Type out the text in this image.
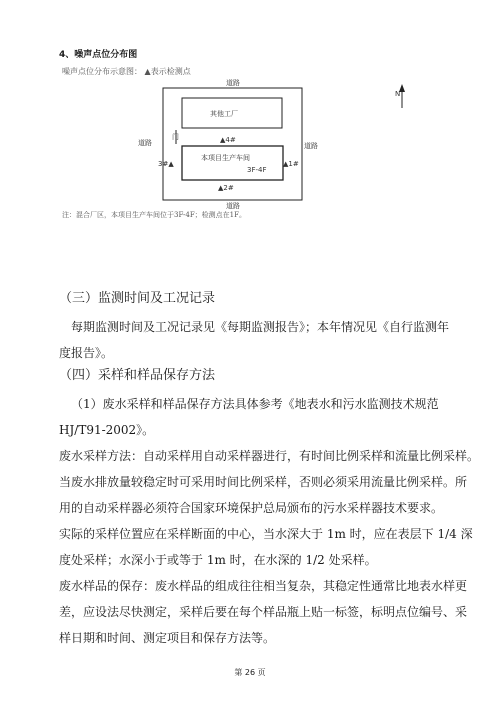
4、噪声点位分布图
噪声点位分布示意图： ▲表示检测点
道路
道路	道路
道路
其他工厂
本项目生产车间
3F-4F
门
▲1#
▲2#
3#▲
▲4#
N
注：混合厂区，本项目生产车间位于3F-4F；检测点在1F。
（三）监测时间及工况记录
每期监测时间及工况记录见《每期监测报告》；本年情况见《自行监测年
度报告》。
（四）采样和样品保存方法
（1）废水采样和样品保存方法具体参考《地表水和污水监测技术规范
HJ/T91-2002》。
废水采样方法：自动采样用自动采样器进行，有时间比例采样和流量比例采样。
当废水排放量较稳定时可采用时间比例采样，否则必须采用流量比例采样。所
用的自动采样器必须符合国家环境保护总局颁布的污水采样器技术要求。
实际的采样位置应在采样断面的中心，当水深大于 1m 时，应在表层下 1/4 深
度处采样；水深小于或等于 1m 时，在水深的 1/2 处采样。
废水样品的保存：废水样品的组成往往相当复杂，其稳定性通常比地表水样更
差，应设法尽快测定，采样后要在每个样品瓶上贴一标签，标明点位编号、采
样日期和时间、测定项目和保存方法等。
第 26 页
